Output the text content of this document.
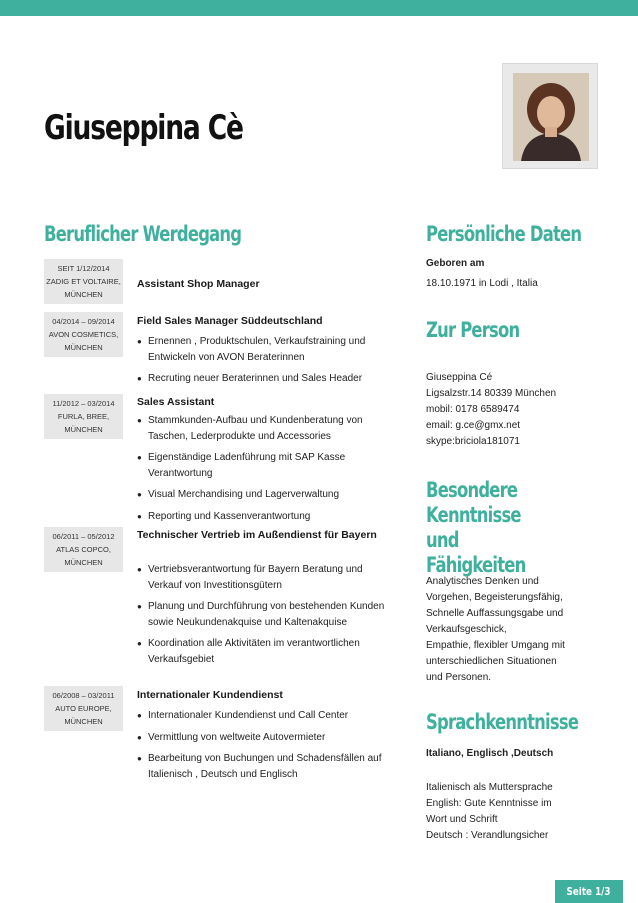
Giuseppina Cè
Beruflicher Werdegang
SEIT 1/12/2014
ZADIG ET VOLTAIRE,
MÜNCHEN

Assistant Shop Manager

04/2014 – 09/2014
AVON COSMETICS,
MÜNCHEN

Field Sales Manager Süddeutschland

● Ernennen , Produktschulen, Verkaufstraining und Entwickeln von AVON Beraterinnen
● Recruting neuer Beraterinnen und Sales Header
11/2012 – 03/2014
FURLA, BREE,
MÜNCHEN

Sales Assistant

● Stammkunden-Aufbau und Kundenberatung von Taschen, Lederprodukte und Accessories
● Eigenständige Ladenführung mit SAP Kasse Verantwortung
● Visual Merchandising und Lagerverwaltung
● Reporting und Kassenverantwortung
06/2011 – 05/2012
ATLAS COPCO,
MÜNCHEN

Technischer Vertrieb im Außendienst für Bayern

● Vertriebsverantwortung für Bayern Beratung und Verkauf von Investitionsgütern
● Planung und Durchführung von bestehenden Kunden sowie Neukundenakquise und Kaltenakquise
● Koordination alle Aktivitäten im verantwortlichen Verkaufsgebiet
06/2008 – 03/2011
AUTO EUROPE,
MÜNCHEN

Internationaler Kundendienst

● Internationaler Kundendienst und Call Center
● Vermittlung von weltweite Autovermieter
● Bearbeitung von Buchungen und Schadensfällen auf Italienisch , Deutsch und Englisch
Persönliche Daten

Geboren am

18.10.1971 in Lodi , Italia

Zur Person

Giuseppina Cé

Ligsalzstr.14 80339 München

mobil: 0178 6589474

email: g.ce@gmx.net

skype:briciola181071

Besondere Kenntnisse und Fähigkeiten

Analytisches Denken und

Vorgehen, Begeisterungsfähig,

Schnelle Auffassungsgabe und

Verkaufsgeschick,

Empathie, flexibler Umgang mit

unterschiedlichen Situationen

und Personen.

Sprachkenntnisse

Italiano, Englisch ,Deutsch

Italienisch als Muttersprache

English: Gute Kenntnisse im

Wort und Schrift

Deutsch : Verandlungsicher

Seite 1/3
